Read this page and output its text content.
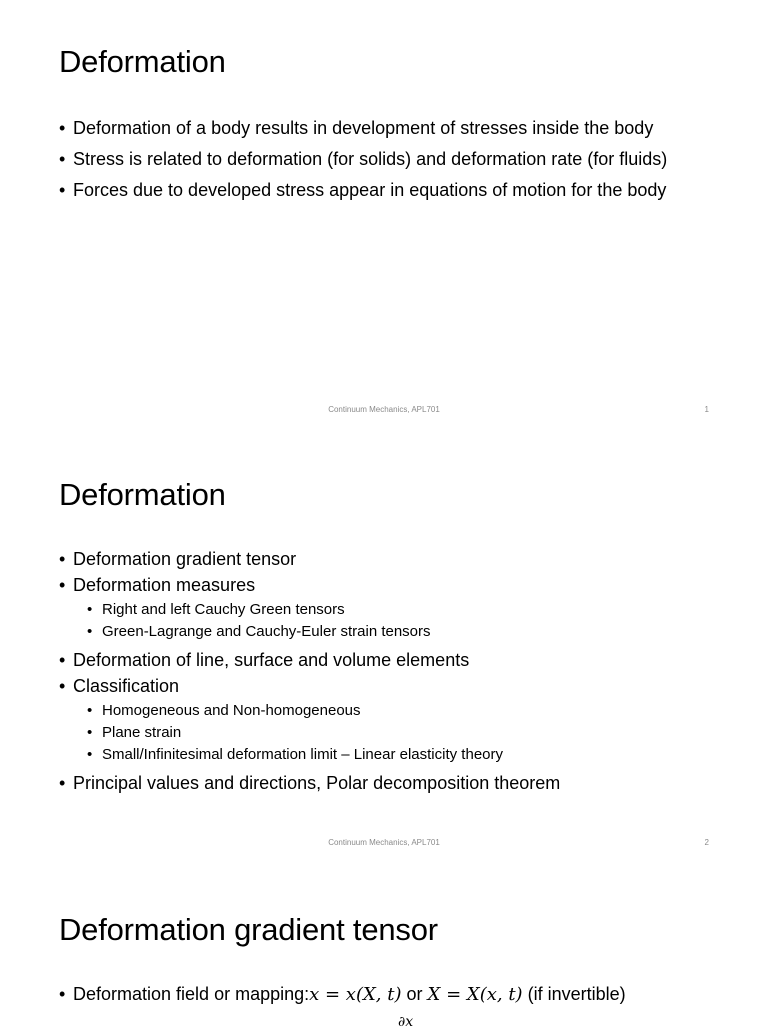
Deformation
• Deformation of a body results in development of stresses inside the body
• Stress is related to deformation (for solids) and deformation rate (for fluids)
• Forces due to developed stress appear in equations of motion for the body
Continuum Mechanics, APL701	1
Deformation
• Deformation gradient tensor
• Deformation measures
• Right and left Cauchy Green tensors
• Green-Lagrange and Cauchy-Euler strain tensors
• Deformation of line, surface and volume elements
• Classification
• Homogeneous and Non-homogeneous
• Plane strain
• Small/Infinitesimal deformation limit – Linear elasticity theory
• Principal values and directions, Polar decomposition theorem
Continuum Mechanics, APL701	2
Deformation gradient tensor
• Deformation field or mapping:x = x(X, t) or X = X(x, t) (if invertible)
∂x
